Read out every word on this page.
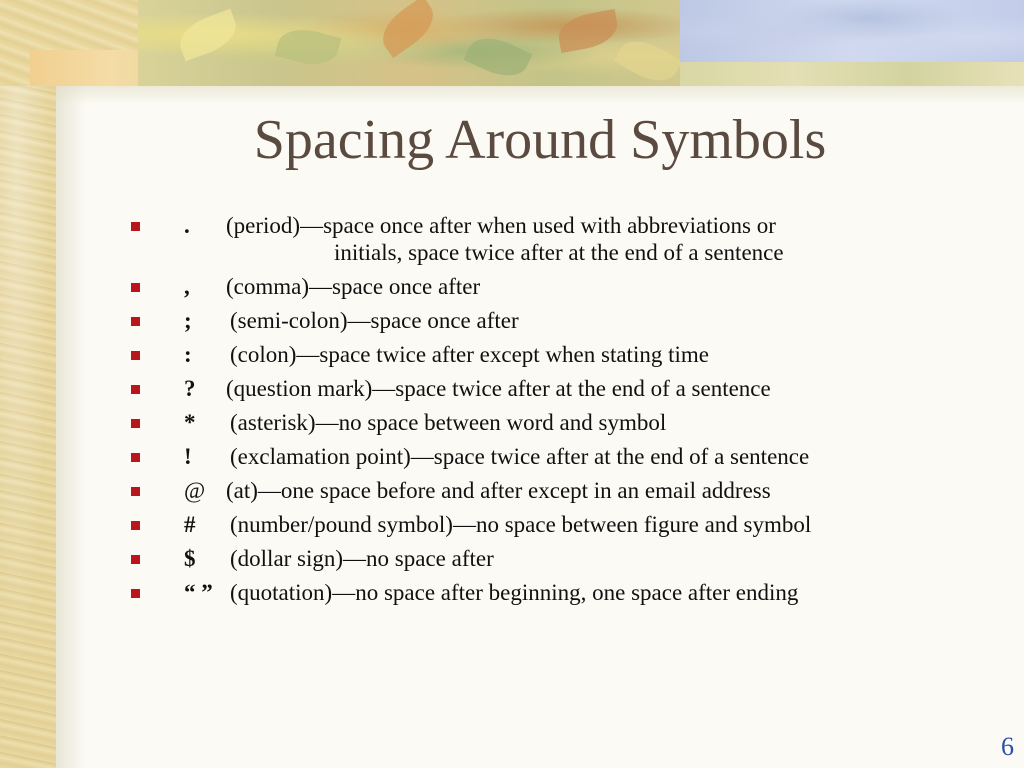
Spacing Around Symbols
. (period)—space once after when used with abbreviations or
initials, space twice after at the end of a sentence
, (comma)—space once after
; (semi-colon)—space once after
: (colon)—space twice after except when stating time
? (question mark)—space twice after at the end of a sentence
* (asterisk)—no space between word and symbol
! (exclamation point)—space twice after at the end of a sentence
@ (at)—one space before and after except in an email address
# (number/pound symbol)—no space between figure and symbol
$ (dollar sign)—no space after
“ ” (quotation)—no space after beginning, one space after ending
6
